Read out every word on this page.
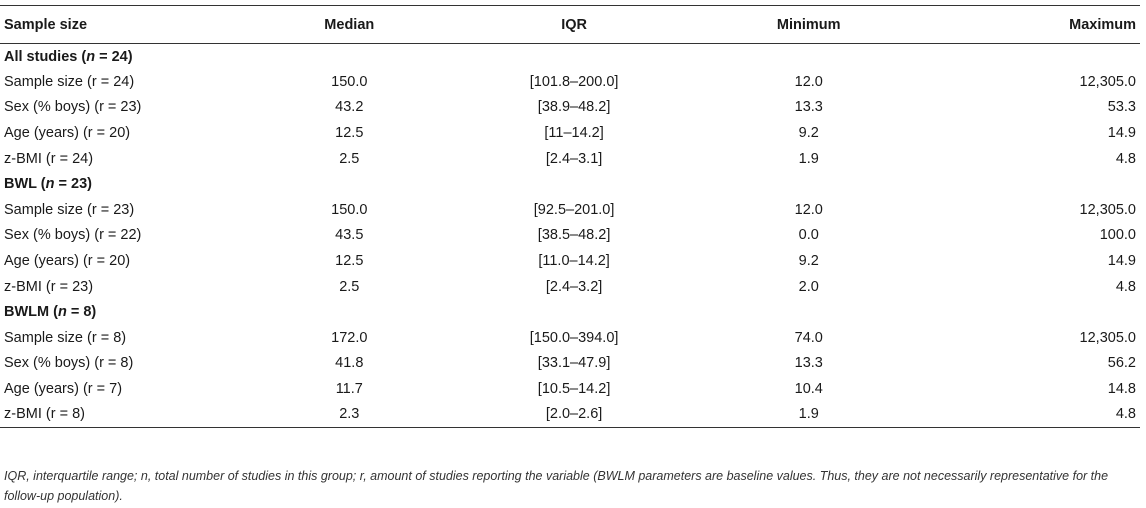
Sample size	Median	IQR	Minimum	Maximum
All studies (n = 24)				
Sample size (r = 24)	150.0	[101.8–200.0]	12.0	12,305.0
Sex (% boys) (r = 23)	43.2	[38.9–48.2]	13.3	53.3
Age (years) (r = 20)	12.5	[11–14.2]	9.2	14.9
z-BMI (r = 24)	2.5	[2.4–3.1]	1.9	4.8
BWL (n = 23)				
Sample size (r = 23)	150.0	[92.5–201.0]	12.0	12,305.0
Sex (% boys) (r = 22)	43.5	[38.5–48.2]	0.0	100.0
Age (years) (r = 20)	12.5	[11.0–14.2]	9.2	14.9
z-BMI (r = 23)	2.5	[2.4–3.2]	2.0	4.8
BWLM (n = 8)				
Sample size (r = 8)	172.0	[150.0–394.0]	74.0	12,305.0
Sex (% boys) (r = 8)	41.8	[33.1–47.9]	13.3	56.2
Age (years) (r = 7)	11.7	[10.5–14.2]	10.4	14.8
z-BMI (r = 8)	2.3	[2.0–2.6]	1.9	4.8
IQR, interquartile range; n, total number of studies in this group; r, amount of studies reporting the variable (BWLM parameters are baseline values. Thus, they are not necessarily representative for the follow-up population).
